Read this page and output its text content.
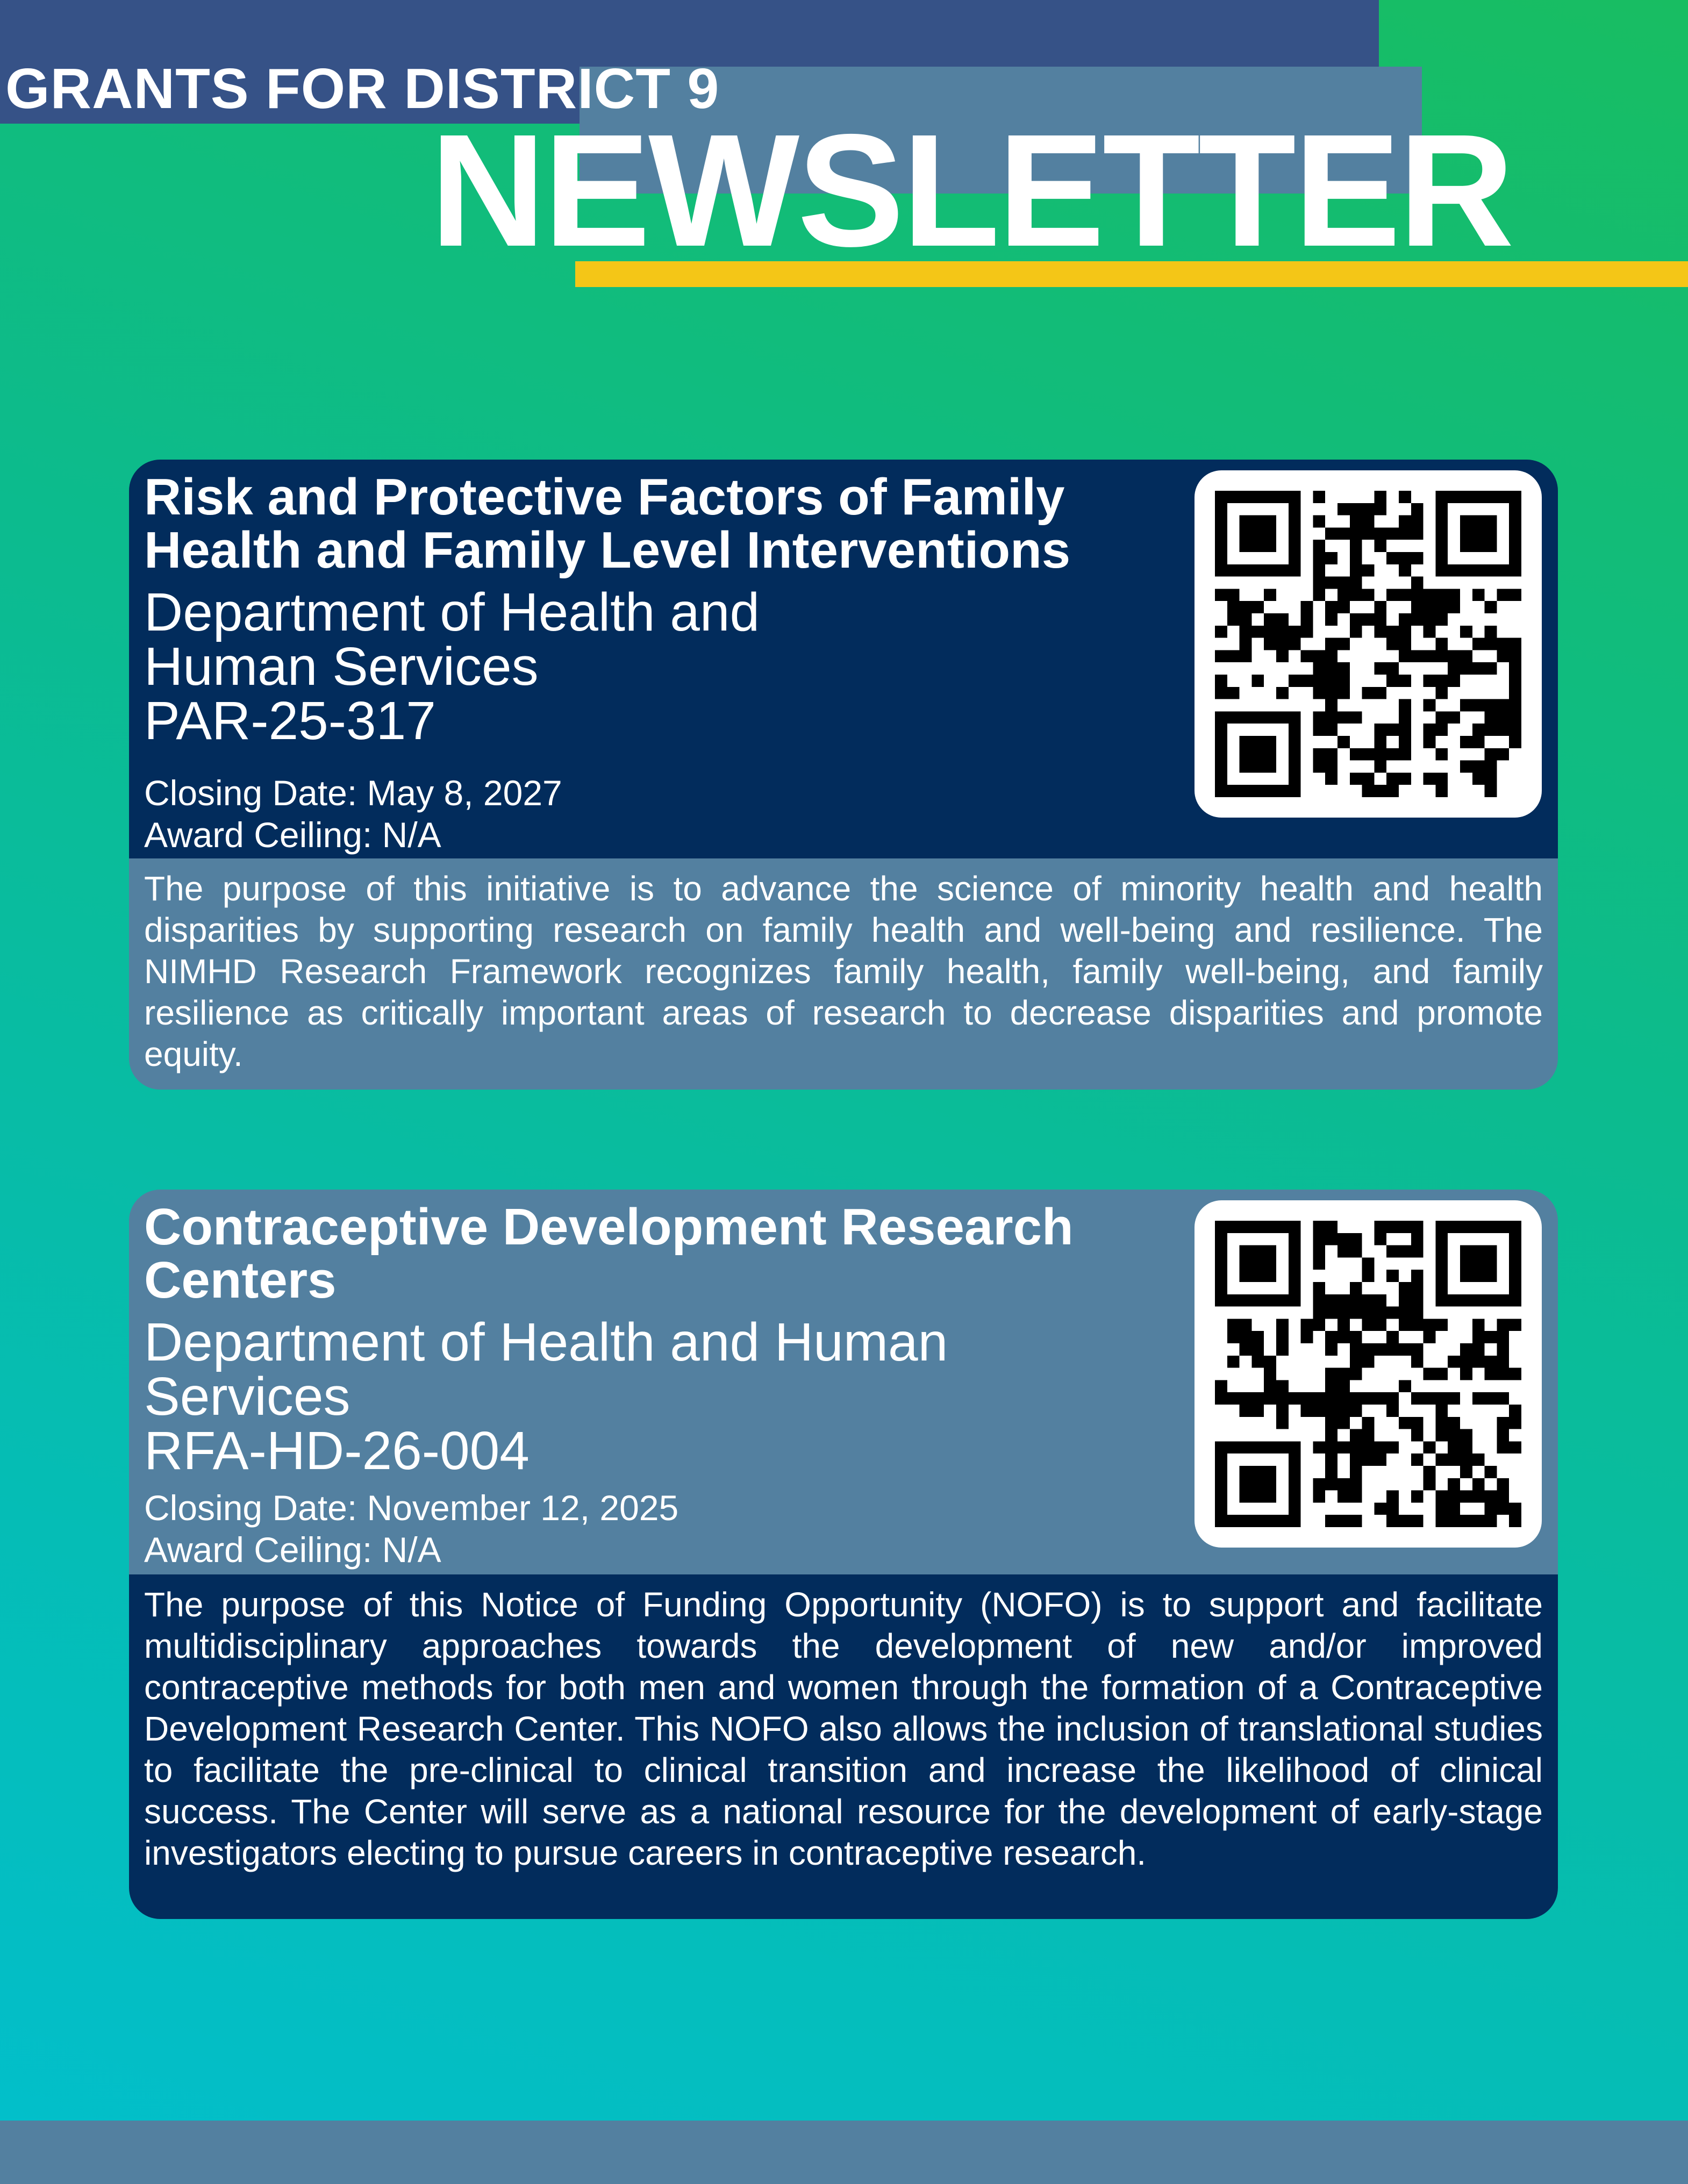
GRANTS FOR DISTRICT 9
NEWSLETTER
Risk and Protective Factors of Family Health and Family Level Interventions

Department of Health and Human Services

PAR-25-317

Closing Date: May 8, 2027

Award Ceiling: N/A

The purpose of this initiative is to advance the science of minority health and health disparities by supporting research on family health and well-being and resilience. The NIMHD Research Framework recognizes family health, family well-being, and family resilience as critically important areas of research to decrease disparities and promote equity.

Contraceptive Development Research Centers

Department of Health and Human Services

RFA-HD-26-004

Closing Date: November 12, 2025

Award Ceiling: N/A

The purpose of this Notice of Funding Opportunity (NOFO) is to support and facilitate multidisciplinary approaches towards the development of new and/or improved contraceptive methods for both men and women through the formation of a Contraceptive Development Research Center. This NOFO also allows the inclusion of translational studies to facilitate the pre-clinical to clinical transition and increase the likelihood of clinical success. The Center will serve as a national resource for the development of early-stage investigators electing to pursue careers in contraceptive research.
